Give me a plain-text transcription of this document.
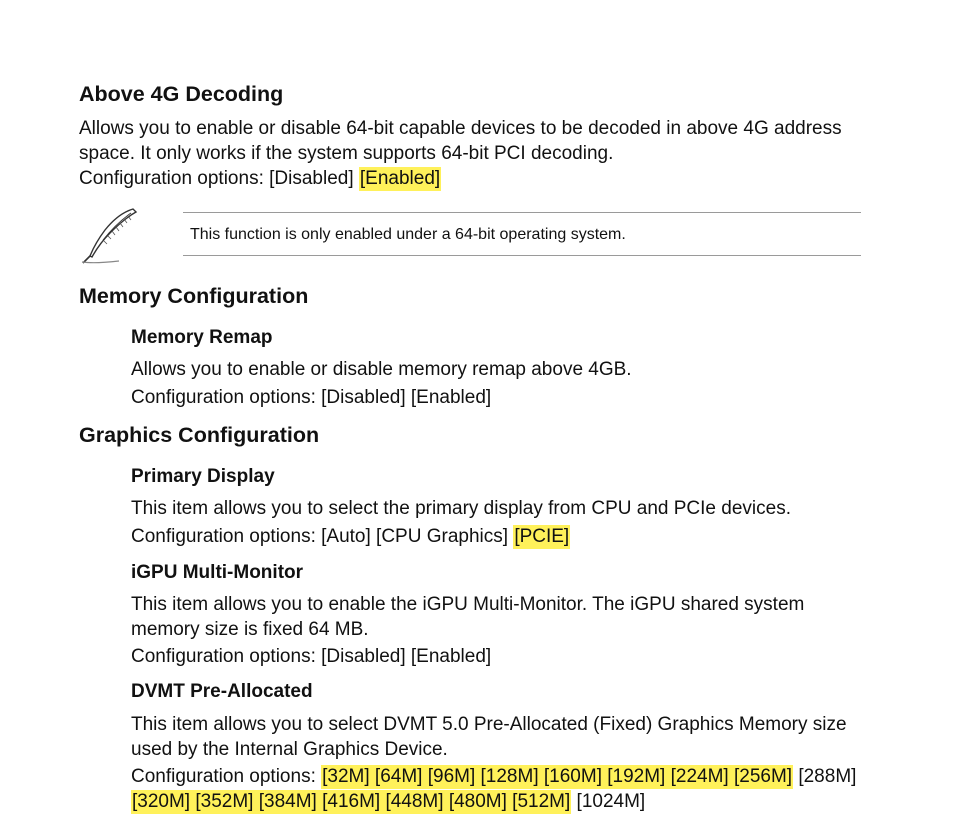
Above 4G Decoding

Allows you to enable or disable 64-bit capable devices to be decoded in above 4G address

space. It only works if the system supports 64-bit PCI decoding.

Configuration options: [Disabled] [Enabled]

This function is only enabled under a 64-bit operating system.
Memory Configuration
Memory Remap

Allows you to enable or disable memory remap above 4GB.

Configuration options: [Disabled] [Enabled]

Graphics Configuration
Primary Display

This item allows you to select the primary display from CPU and PCIe devices.

Configuration options: [Auto] [CPU Graphics] [PCIE]

iGPU Multi-Monitor

This item allows you to enable the iGPU Multi-Monitor. The iGPU shared system

memory size is fixed 64 MB.

Configuration options: [Disabled] [Enabled]

DVMT Pre-Allocated

This item allows you to select DVMT 5.0 Pre-Allocated (Fixed) Graphics Memory size

used by the Internal Graphics Device.

Configuration options: [32M] [64M] [96M] [128M] [160M] [192M] [224M] [256M] [288M]

[320M] [352M] [384M] [416M] [448M] [480M] [512M] [1024M]
